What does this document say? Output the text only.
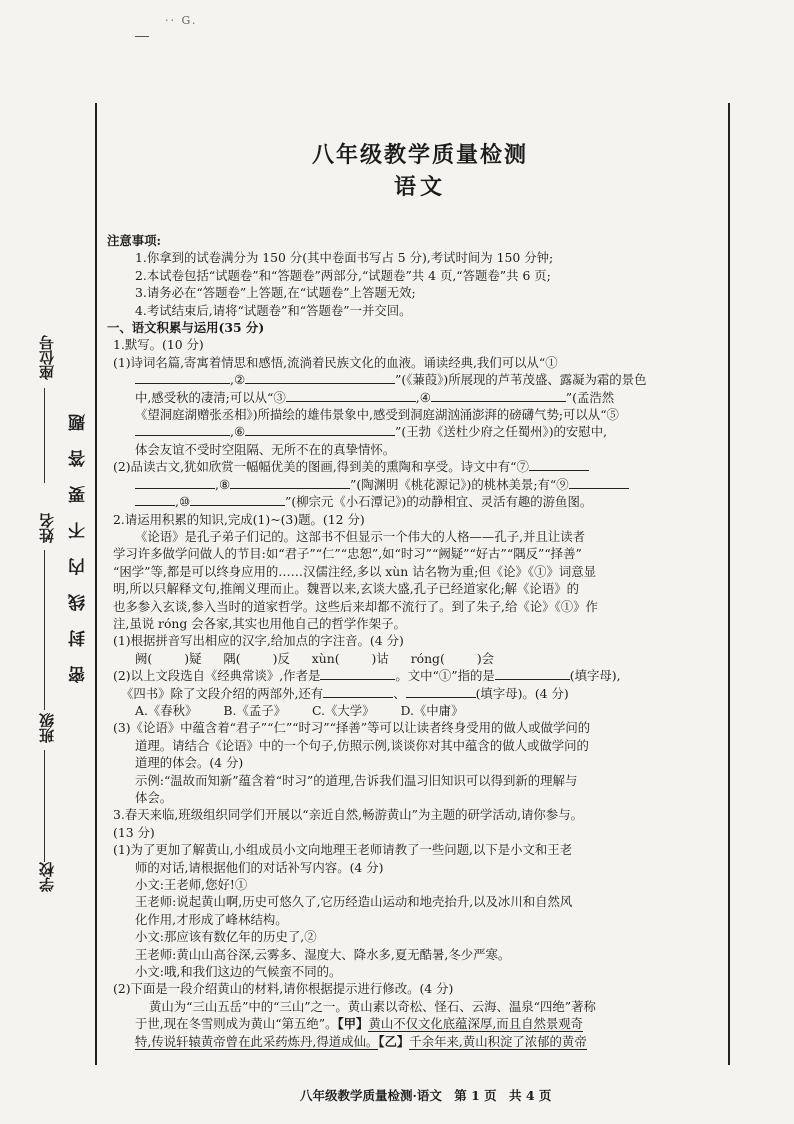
·· G.
座位号
姓名
班级
学校
密封线内不要答题
八年级教学质量检测
语文

注意事项:

1.你拿到的试卷满分为 150 分(其中卷面书写占 5 分),考试时间为 150 分钟;

2.本试卷包括“试题卷”和“答题卷”两部分,“试题卷”共 4 页,“答题卷”共 6 页;

3.请务必在“答题卷”上答题,在“试题卷”上答题无效;

4.考试结束后,请将“试题卷”和“答题卷”一并交回。

一、语文积累与运用(35 分)

1.默写。(10 分)

(1)诗词名篇,寄寓着情思和感悟,流淌着民族文化的血液。诵读经典,我们可以从“①

,②	”(《蒹葭》)所展现的芦苇茂盛、露凝为霜的景色

中,感受秋的凄清;可以从“③	,④	”(孟浩然

《望洞庭湖赠张丞相》)所描绘的雄伟景象中,感受到洞庭湖汹涌澎湃的磅礴气势;可以从“⑤

,⑥	”(王勃《送杜少府之任蜀州》)的安慰中,

体会友谊不受时空阻隔、无所不在的真挚情怀。

(2)品读古文,犹如欣赏一幅幅优美的图画,得到美的熏陶和享受。诗文中有“⑦

,⑧	”(陶渊明《桃花源记》)的桃林美景;有“⑨

,⑩	”(柳宗元《小石潭记》)的动静相宜、灵活有趣的游鱼图。

2.请运用积累的知识,完成(1)~(3)题。(12 分)

《论语》是孔子弟子们记的。这部书不但显示一个伟大的人格——孔子,并且让读者

学习许多做学问做人的节目:如“君子”“仁”“忠恕”,如“时习”“阙疑”“好古”“隅反”“择善”

“困学”等,都是可以终身应用的……汉儒注经,多以 xùn 诂名物为重;但《论》《①》词意显

明,所以只解释文句,推阐义理而止。魏晋以来,玄谈大盛,孔子已经道家化;解《论语》的

也多参入玄谈,参入当时的道家哲学。这些后来却都不流行了。到了朱子,给《论》《①》作

注,虽说 róng 会各家,其实也用他自己的哲学作架子。

(1)根据拼音写出相应的汉字,给加点的字注音。(4 分)

阙(	)疑 隅(	)反 xùn(	)诂 róng(	)会

(2)以上文段选自《经典常谈》,作者是	。文中“①”指的是	(填字母),

《四书》除了文段介绍的两部外,还有	、	(填字母)。(4 分)

A.《春秋》 B.《孟子》 C.《大学》 D.《中庸》

(3)《论语》中蕴含着“君子”“仁”“时习”“择善”等可以让读者终身受用的做人或做学问的

道理。请结合《论语》中的一个句子,仿照示例,谈谈你对其中蕴含的做人或做学问的

道理的体会。(4 分)

示例:“温故而知新”蕴含着“时习”的道理,告诉我们温习旧知识可以得到新的理解与

体会。

3.春天来临,班级组织同学们开展以“亲近自然,畅游黄山”为主题的研学活动,请你参与。

(13 分)

(1)为了更加了解黄山,小组成员小文向地理王老师请教了一些问题,以下是小文和王老

师的对话,请根据他们的对话补写内容。(4 分)

小文:王老师,您好!①

王老师:说起黄山啊,历史可悠久了,它历经造山运动和地壳抬升,以及冰川和自然风

化作用,才形成了峰林结构。

小文:那应该有数亿年的历史了,②

王老师:黄山山高谷深,云雾多、湿度大、降水多,夏无酷暑,冬少严寒。

小文:哦,和我们这边的气候蛮不同的。

(2)下面是一段介绍黄山的材料,请你根据提示进行修改。(4 分)

黄山为“三山五岳”中的“三山”之一。黄山素以奇松、怪石、云海、温泉“四绝”著称

于世,现在冬雪则成为黄山“第五绝”。【甲】黄山不仅文化底蕴深厚,而且自然景观奇

特,传说轩辕黄帝曾在此采药炼丹,得道成仙。【乙】千余年来,黄山积淀了浓郁的黄帝

八年级教学质量检测·语文 第 1 页 共 4 页
